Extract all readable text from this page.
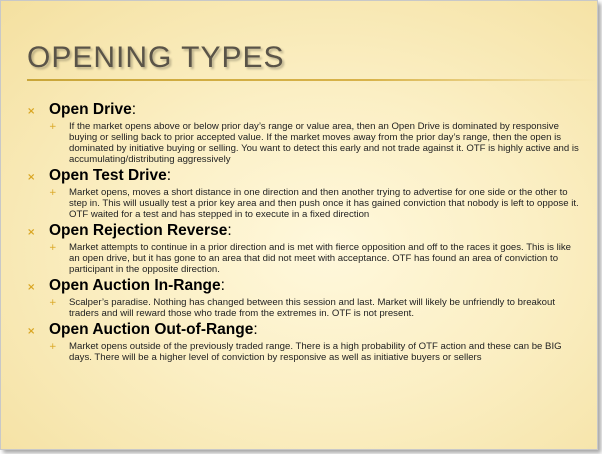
OPENING TYPES
× Open Drive :
+	If the market opens above or below prior day’s range or value area, then an Open Drive is dominated by responsive buying or selling back to prior accepted value. If the market moves away from the prior day’s range, then the open is dominated by initiative buying or selling. You want to detect this early and not trade against it. OTF is highly active and is accumulating/distributing aggressively
× Open Test Drive :
+	Market opens, moves a short distance in one direction and then another trying to advertise for one side or the other to step in. This will usually test a prior key area and then push once it has gained conviction that nobody is left to oppose it. OTF waited for a test and has stepped in to execute in a fixed direction
× Open Rejection Reverse :
+	Market attempts to continue in a prior direction and is met with fierce opposition and off to the races it goes. This is like an open drive, but it has gone to an area that did not meet with acceptance. OTF has found an area of conviction to participant in the opposite direction.
× Open Auction In-Range :
+	Scalper’s paradise. Nothing has changed between this session and last. Market will likely be unfriendly to breakout traders and will reward those who trade from the extremes in. OTF is not present.
× Open Auction Out-of-Range :
+	Market opens outside of the previously traded range. There is a high probability of OTF action and these can be BIG days. There will be a higher level of conviction by responsive as well as initiative buyers or sellers
